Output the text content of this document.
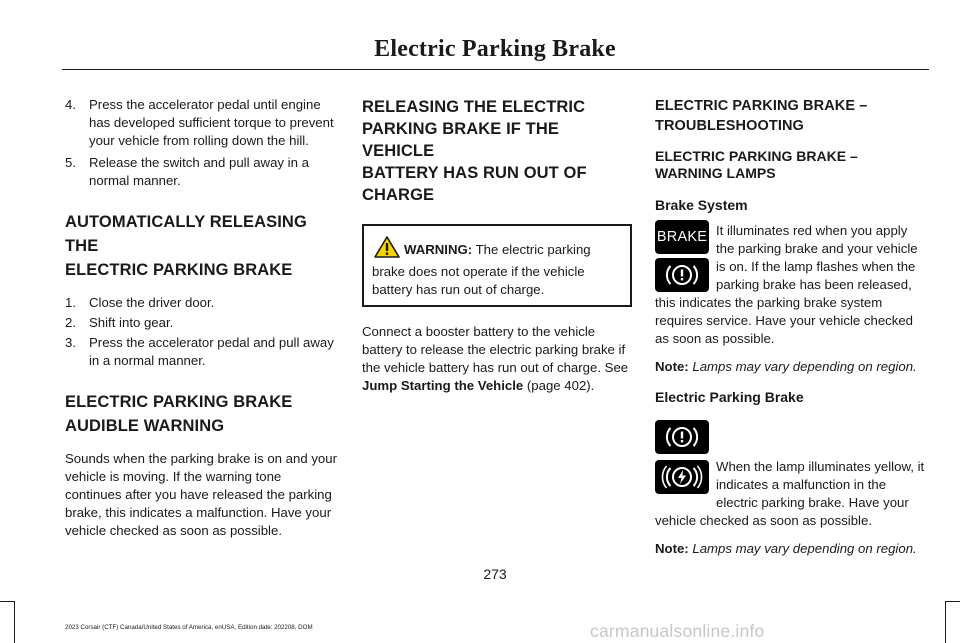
Electric Parking Brake
4. Press the accelerator pedal until engine has developed sufficient torque to prevent your vehicle from rolling down the hill.
5. Release the switch and pull away in a normal manner.

AUTOMATICALLY RELEASING THE
ELECTRIC PARKING BRAKE

1. Close the driver door.
2. Shift into gear.
3. Press the accelerator pedal and pull away in a normal manner.

ELECTRIC PARKING BRAKE
AUDIBLE WARNING

Sounds when the parking brake is on and your vehicle is moving. If the warning tone continues after you have released the parking brake, this indicates a malfunction. Have your vehicle checked as soon as possible.

RELEASING THE ELECTRIC
PARKING BRAKE IF THE VEHICLE
BATTERY HAS RUN OUT OF
CHARGE

WARNING: The electric parking brake does not operate if the vehicle battery has run out of charge.

Connect a booster battery to the vehicle battery to release the electric parking brake if the vehicle battery has run out of charge. See Jump Starting the Vehicle (page 402).

ELECTRIC PARKING BRAKE –
TROUBLESHOOTING

ELECTRIC PARKING BRAKE –
WARNING LAMPS

Brake System

BRAKE It illuminates red when you apply the parking brake and your vehicle is on. If the lamp flashes when the parking brake has been released, this indicates the parking brake system requires service. Have your vehicle checked as soon as possible.

Note: Lamps may vary depending on region.

Electric Parking Brake

When the lamp illuminates yellow, it indicates a malfunction in the electric parking brake. Have your vehicle checked as soon as possible.

Note: Lamps may vary depending on region.

273
2023 Corsair (CTF) Canada/United States of America, enUSA, Edition date: 202208, DOM	carmanualsonline.info
